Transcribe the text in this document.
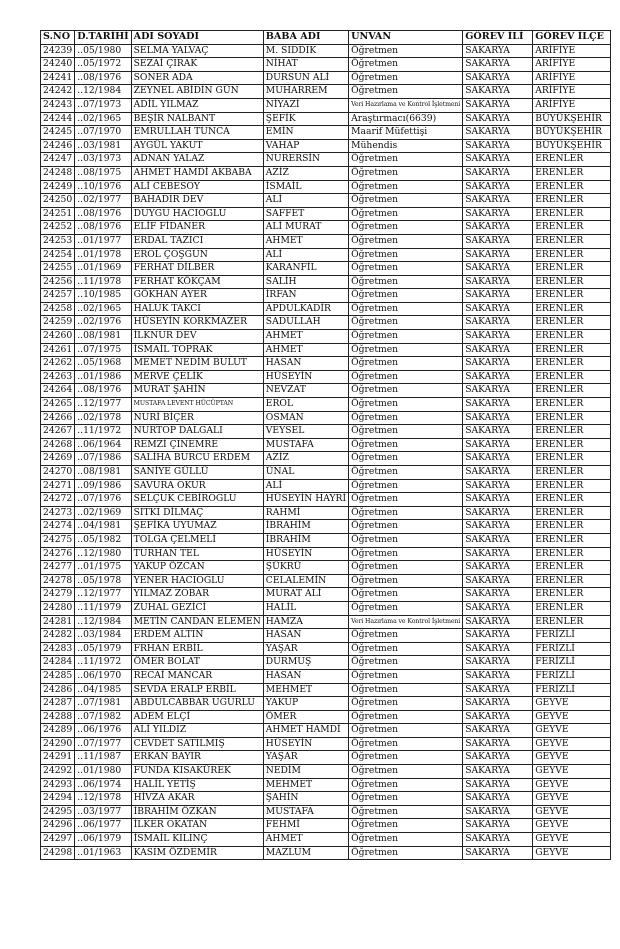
S.NO	D.TARİHİ	ADI SOYADI	BABA ADI	UNVAN	GÖREV İLİ	GÖREV İLÇE
24239	..05/1980	SELMA YALVAÇ	M. SIDDIK	Öğretmen	SAKARYA	ARİFİYE
24240	..05/1972	SEZAİ ÇIRAK	NİHAT	Öğretmen	SAKARYA	ARİFİYE
24241	..08/1976	SONER ADA	DURSUN ALİ	Öğretmen	SAKARYA	ARİFİYE
24242	..12/1984	ZEYNEL ABİDİN GÜN	MUHARREM	Öğretmen	SAKARYA	ARİFİYE
24243	..07/1973	ADİL YILMAZ	NİYAZİ	Veri Hazırlama ve Kontrol İşletmeni	SAKARYA	ARİFİYE
24244	..02/1965	BEŞİR NALBANT	ŞEFİK	Araştırmacı(6639)	SAKARYA	BÜYÜKŞEHİR
24245	..07/1970	EMRULLAH TUNCA	EMİN	Maarif Müfettişi	SAKARYA	BÜYÜKŞEHİR
24246	..03/1981	AYGÜL YAKUT	VAHAP	Mühendis	SAKARYA	BÜYÜKŞEHİR
24247	..03/1973	ADNAN YALAZ	NURERSİN	Öğretmen	SAKARYA	ERENLER
24248	..08/1975	AHMET HAMDİ AKBABA	AZİZ	Öğretmen	SAKARYA	ERENLER
24249	..10/1976	ALİ CEBESOY	İSMAİL	Öğretmen	SAKARYA	ERENLER
24250	..02/1977	BAHADIR DEV	ALİ	Öğretmen	SAKARYA	ERENLER
24251	..08/1976	DUYGU HACIOĞLU	SAFFET	Öğretmen	SAKARYA	ERENLER
24252	..08/1976	ELİF FİDANER	ALİ MURAT	Öğretmen	SAKARYA	ERENLER
24253	..01/1977	ERDAL TAZICI	AHMET	Öğretmen	SAKARYA	ERENLER
24254	..01/1978	EROL ÇOŞGUN	ALİ	Öğretmen	SAKARYA	ERENLER
24255	..01/1969	FERHAT DİLBER	KARANFİL	Öğretmen	SAKARYA	ERENLER
24256	..11/1978	FERHAT KÖKÇAM	SALİH	Öğretmen	SAKARYA	ERENLER
24257	..10/1985	GÖKHAN AYER	İRFAN	Öğretmen	SAKARYA	ERENLER
24258	..02/1965	HALUK TAKCI	APDULKADİR	Öğretmen	SAKARYA	ERENLER
24259	..02/1976	HÜSEYİN KORKMAZER	SADULLAH	Öğretmen	SAKARYA	ERENLER
24260	..08/1981	İLKNUR DEV	AHMET	Öğretmen	SAKARYA	ERENLER
24261	..07/1975	İSMAİL TOPRAK	AHMET	Öğretmen	SAKARYA	ERENLER
24262	..05/1968	MEMET NEDİM BULUT	HASAN	Öğretmen	SAKARYA	ERENLER
24263	..01/1986	MERVE ÇELİK	HÜSEYİN	Öğretmen	SAKARYA	ERENLER
24264	..08/1976	MURAT ŞAHİN	NEVZAT	Öğretmen	SAKARYA	ERENLER
24265	..12/1977	MUSTAFA LEVENT HÜCÜPTAN	EROL	Öğretmen	SAKARYA	ERENLER
24266	..02/1978	NURİ BİÇER	OSMAN	Öğretmen	SAKARYA	ERENLER
24267	..11/1972	NURTOP DALGALI	VEYSEL	Öğretmen	SAKARYA	ERENLER
24268	..06/1964	REMZİ ÇINEMRE	MUSTAFA	Öğretmen	SAKARYA	ERENLER
24269	..07/1986	SALİHA BURCU ERDEM	AZİZ	Öğretmen	SAKARYA	ERENLER
24270	..08/1981	SANİYE GÜLLÜ	ÜNAL	Öğretmen	SAKARYA	ERENLER
24271	..09/1986	SAVURA OKUR	ALİ	Öğretmen	SAKARYA	ERENLER
24272	..07/1976	SELÇUK CEBİROĞLU	HÜSEYİN HAYRİ	Öğretmen	SAKARYA	ERENLER
24273	..02/1969	SITKI DİLMAÇ	RAHMİ	Öğretmen	SAKARYA	ERENLER
24274	..04/1981	ŞEFİKA UYUMAZ	İBRAHİM	Öğretmen	SAKARYA	ERENLER
24275	..05/1982	TOLGA ÇELMELİ	İBRAHİM	Öğretmen	SAKARYA	ERENLER
24276	..12/1980	TURHAN TEL	HÜSEYİN	Öğretmen	SAKARYA	ERENLER
24277	..01/1975	YAKUP ÖZCAN	ŞÜKRÜ	Öğretmen	SAKARYA	ERENLER
24278	..05/1978	YENER HACIOĞLU	CELALEMİN	Öğretmen	SAKARYA	ERENLER
24279	..12/1977	YILMAZ ZOBAR	MURAT ALİ	Öğretmen	SAKARYA	ERENLER
24280	..11/1979	ZUHAL GEZİCİ	HALİL	Öğretmen	SAKARYA	ERENLER
24281	..12/1984	METİN CANDAN ELEMEN	HAMZA	Veri Hazırlama ve Kontrol İşletmeni	SAKARYA	ERENLER
24282	..03/1984	ERDEM ALTIN	HASAN	Öğretmen	SAKARYA	FERİZLİ
24283	..05/1979	FRHAN ERBİL	YAŞAR	Öğretmen	SAKARYA	FERİZLİ
24284	..11/1972	ÖMER BOLAT	DURMUŞ	Öğretmen	SAKARYA	FERİZLİ
24285	..06/1970	RECAİ MANCAR	HASAN	Öğretmen	SAKARYA	FERİZLİ
24286	..04/1985	SEVDA ERALP ERBİL	MEHMET	Öğretmen	SAKARYA	FERİZLİ
24287	..07/1981	ABDULCABBAR UGURLU	YAKUP	Öğretmen	SAKARYA	GEYVE
24288	..07/1982	ADEM ELÇİ	ÖMER	Öğretmen	SAKARYA	GEYVE
24289	..06/1976	ALİ YILDIZ	AHMET HAMDİ	Öğretmen	SAKARYA	GEYVE
24290	..07/1977	CEVDET SATILMIŞ	HÜSEYİN	Öğretmen	SAKARYA	GEYVE
24291	..11/1987	ERKAN BAYIR	YAŞAR	Öğretmen	SAKARYA	GEYVE
24292	..01/1980	FUNDA KISAKÜREK	NEDİM	Öğretmen	SAKARYA	GEYVE
24293	..06/1974	HALİL YETİŞ	MEHMET	Öğretmen	SAKARYA	GEYVE
24294	..12/1978	HİVZA AKAR	ŞAHİN	Öğretmen	SAKARYA	GEYVE
24295	..03/1977	İBRAHİM ÖZKAN	MUSTAFA	Öğretmen	SAKARYA	GEYVE
24296	..06/1977	İLKER OKATAN	FEHMİ	Öğretmen	SAKARYA	GEYVE
24297	..06/1979	İSMAİL KILINÇ	AHMET	Öğretmen	SAKARYA	GEYVE
24298	..01/1963	KASIM ÖZDEMİR	MAZLUM	Öğretmen	SAKARYA	GEYVE
